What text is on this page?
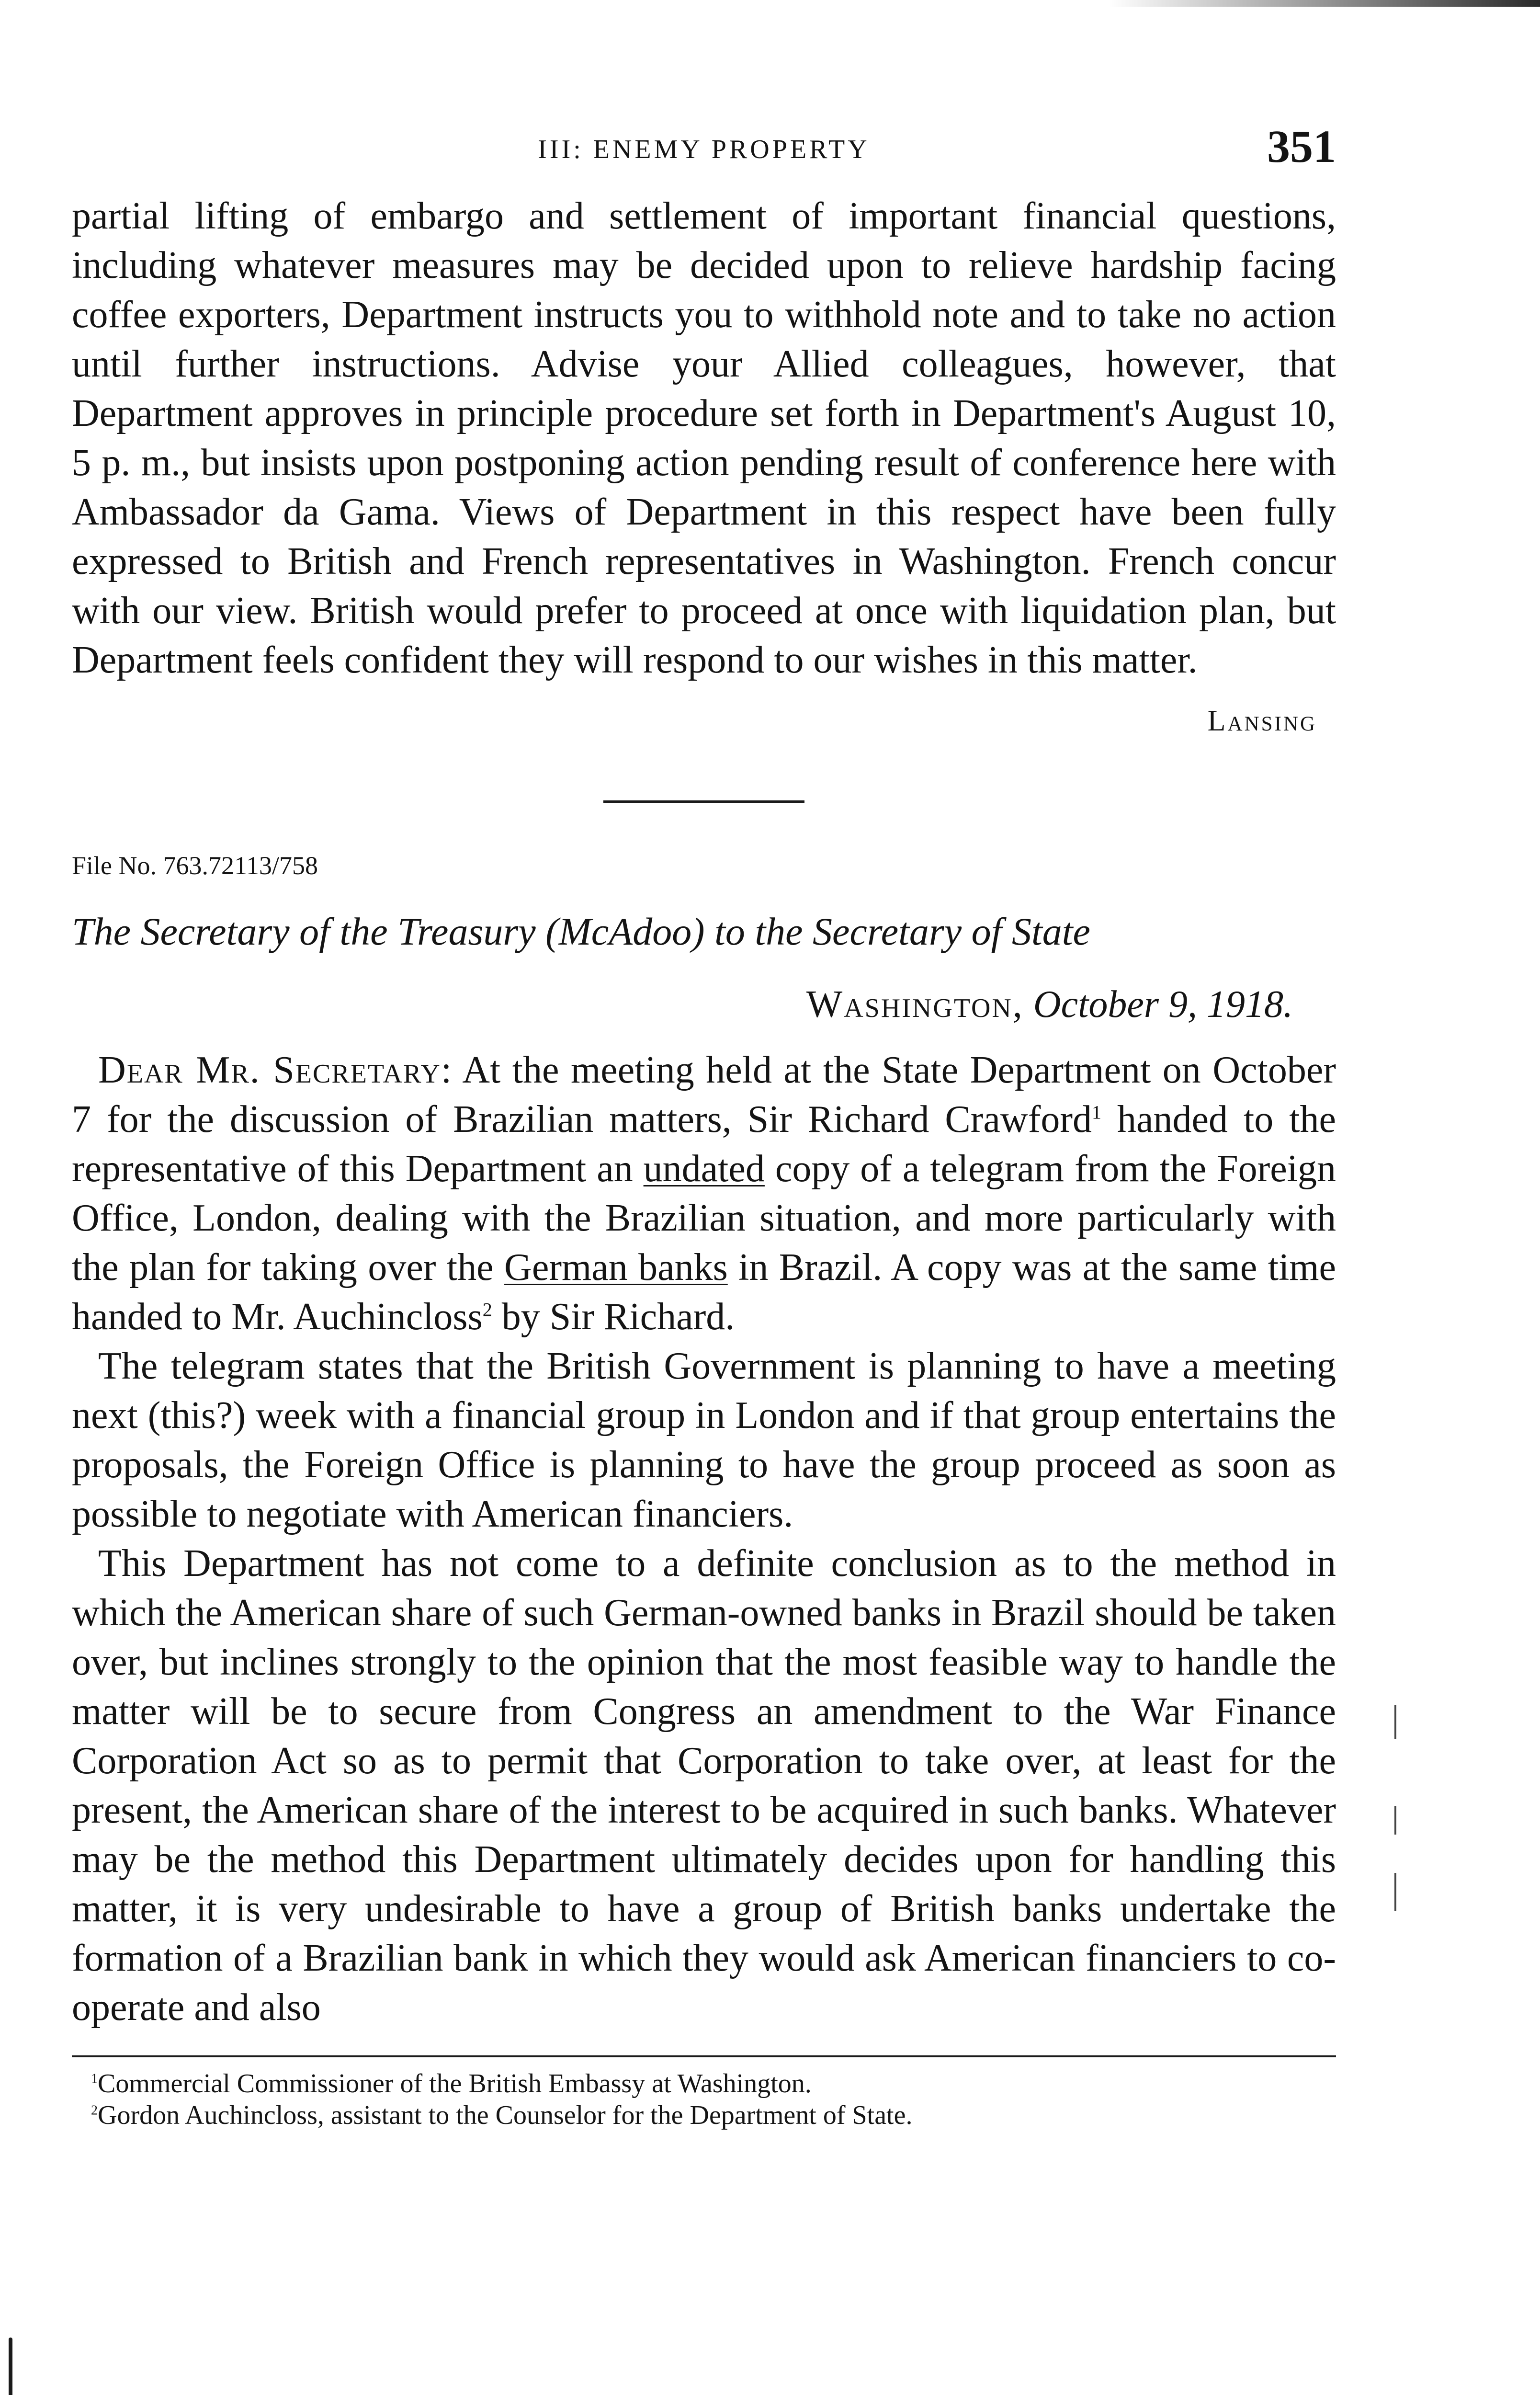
III: ENEMY PROPERTY	351

partial lifting of embargo and settlement of important financial questions, including whatever measures may be decided upon to relieve hardship facing coffee exporters, Department instructs you to withhold note and to take no action until further instructions. Advise your Allied colleagues, however, that Department approves in principle procedure set forth in Department's August 10, 5 p. m., but insists upon postponing action pending result of conference here with Ambassador da Gama. Views of Department in this respect have been fully expressed to British and French representatives in Washington. French concur with our view. British would prefer to proceed at once with liquidation plan, but Department feels confident they will respond to our wishes in this matter.

Lansing
File No. 763.72113/758
The Secretary of the Treasury (McAdoo) to the Secretary of State
Washington, October 9, 1918.

Dear Mr. Secretary: At the meeting held at the State Department on October 7 for the discussion of Brazilian matters, Sir Richard Crawford$^1$ handed to the representative of this Department an undated copy of a telegram from the Foreign Office, London, dealing with the Brazilian situation, and more particularly with the plan for taking over the German banks in Brazil. A copy was at the same time handed to Mr. Auchincloss$^2$ by Sir Richard.

The telegram states that the British Government is planning to have a meeting next (this?) week with a financial group in London and if that group entertains the proposals, the Foreign Office is planning to have the group proceed as soon as possible to negotiate with American financiers.

This Department has not come to a definite conclusion as to the method in which the American share of such German-owned banks in Brazil should be taken over, but inclines strongly to the opinion that the most feasible way to handle the matter will be to secure from Congress an amendment to the War Finance Corporation Act so as to permit that Corporation to take over, at least for the present, the American share of the interest to be acquired in such banks. Whatever may be the method this Department ultimately decides upon for handling this matter, it is very undesirable to have a group of British banks undertake the formation of a Brazilian bank in which they would ask American financiers to co-operate and also

$^1$Commercial Commissioner of the British Embassy at Washington.

$^2$Gordon Auchincloss, assistant to the Counselor for the Department of State.
